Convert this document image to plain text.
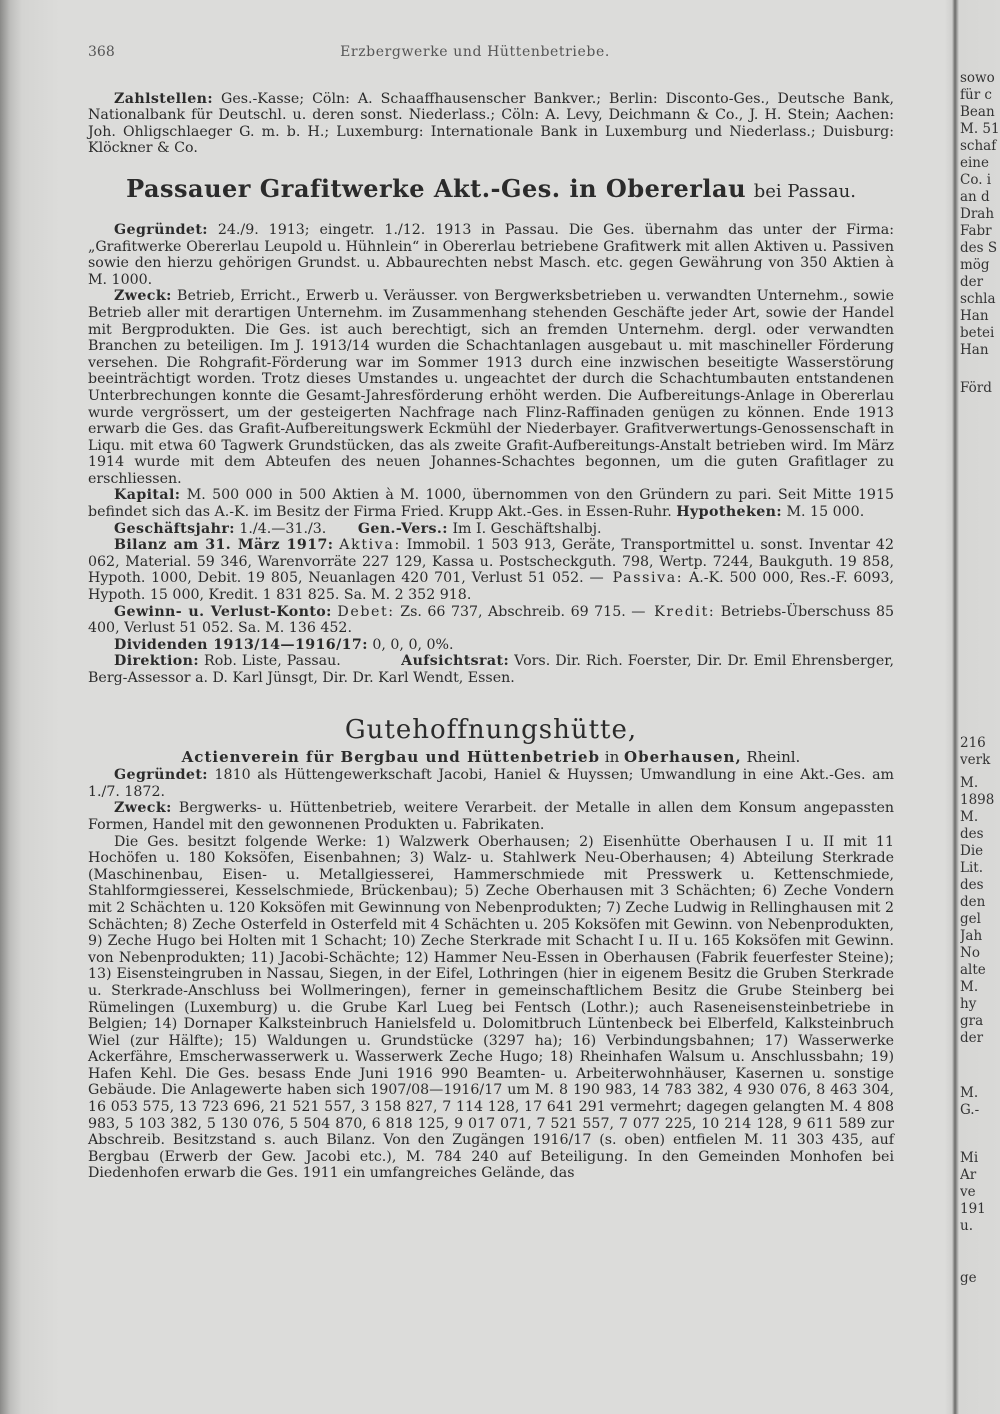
368	Erzbergwerke und Hüttenbetriebe.

Zahlstellen: Ges.-Kasse; Cöln: A. Schaaffhausenscher Bankver.; Berlin: Disconto-Ges., Deutsche Bank, Nationalbank für Deutschl. u. deren sonst. Niederlass.; Cöln: A. Levy, Deichmann & Co., J. H. Stein; Aachen: Joh. Ohligschlaeger G. m. b. H.; Luxemburg: Internationale Bank in Luxemburg und Niederlass.; Duisburg: Klöckner & Co.

Passauer Grafitwerke Akt.-Ges. in Obererlau bei Passau.

Gegründet: 24./9. 1913; eingetr. 1./12. 1913 in Passau. Die Ges. übernahm das unter der Firma: „Grafitwerke Obererlau Leupold u. Hühnlein“ in Obererlau betriebene Grafitwerk mit allen Aktiven u. Passiven sowie den hierzu gehörigen Grundst. u. Abbaurechten nebst Masch. etc. gegen Gewährung von 350 Aktien à M. 1000.

Zweck: Betrieb, Erricht., Erwerb u. Veräusser. von Bergwerksbetrieben u. verwandten Unternehm., sowie Betrieb aller mit derartigen Unternehm. im Zusammenhang stehenden Geschäfte jeder Art, sowie der Handel mit Bergprodukten. Die Ges. ist auch berechtigt, sich an fremden Unternehm. dergl. oder verwandten Branchen zu beteiligen. Im J. 1913/14 wurden die Schachtanlagen ausgebaut u. mit maschineller Förderung versehen. Die Rohgrafit-Förderung war im Sommer 1913 durch eine inzwischen beseitigte Wasserstörung beeinträchtigt worden. Trotz dieses Umstandes u. ungeachtet der durch die Schachtumbauten entstandenen Unterbrechungen konnte die Gesamt-Jahresförderung erhöht werden. Die Aufbereitungs-Anlage in Obererlau wurde vergrössert, um der gesteigerten Nachfrage nach Flinz-Raffinaden genügen zu können. Ende 1913 erwarb die Ges. das Grafit-Aufbereitungswerk Eckmühl der Niederbayer. Grafitverwertungs-Genossenschaft in Liqu. mit etwa 60 Tagwerk Grundstücken, das als zweite Grafit-Aufbereitungs-Anstalt betrieben wird. Im März 1914 wurde mit dem Abteufen des neuen Johannes-Schachtes begonnen, um die guten Grafitlager zu erschliessen.

Kapital: M. 500 000 in 500 Aktien à M. 1000, übernommen von den Gründern zu pari. Seit Mitte 1915 befindet sich das A.-K. im Besitz der Firma Fried. Krupp Akt.-Ges. in Essen-Ruhr. Hypotheken: M. 15 000.

Geschäftsjahr: 1./4.—31./3. Gen.-Vers.: Im I. Geschäftshalbj.

Bilanz am 31. März 1917: Aktiva: Immobil. 1 503 913, Geräte, Transportmittel u. sonst. Inventar 42 062, Material. 59 346, Warenvorräte 227 129, Kassa u. Postscheckguth. 798, Wertp. 7244, Baukguth. 19 858, Hypoth. 1000, Debit. 19 805, Neuanlagen 420 701, Verlust 51 052. — Passiva: A.-K. 500 000, Res.-F. 6093, Hypoth. 15 000, Kredit. 1 831 825. Sa. M. 2 352 918.

Gewinn- u. Verlust-Konto: Debet: Zs. 66 737, Abschreib. 69 715. — Kredit: Betriebs-Überschuss 85 400, Verlust 51 052. Sa. M. 136 452.

Dividenden 1913/14—1916/17: 0, 0, 0, 0%.

Direktion: Rob. Liste, Passau.	Aufsichtsrat: Vors. Dir. Rich. Foerster, Dir. Dr. Emil Ehrensberger, Berg-Assessor a. D. Karl Jünsgt, Dir. Dr. Karl Wendt, Essen.

Gutehoffnungshütte,
Actienverein für Bergbau und Hüttenbetrieb in Oberhausen, Rheinl.

Gegründet: 1810 als Hüttengewerkschaft Jacobi, Haniel & Huyssen; Umwandlung in eine Akt.-Ges. am 1./7. 1872.

Zweck: Bergwerks- u. Hüttenbetrieb, weitere Verarbeit. der Metalle in allen dem Konsum angepassten Formen, Handel mit den gewonnenen Produkten u. Fabrikaten.

Die Ges. besitzt folgende Werke: 1) Walzwerk Oberhausen; 2) Eisenhütte Oberhausen I u. II mit 11 Hochöfen u. 180 Koksöfen, Eisenbahnen; 3) Walz- u. Stahlwerk Neu-Oberhausen; 4) Abteilung Sterkrade (Maschinenbau, Eisen- u. Metallgiesserei, Hammerschmiede mit Presswerk u. Kettenschmiede, Stahlformgiesserei, Kesselschmiede, Brückenbau); 5) Zeche Oberhausen mit 3 Schächten; 6) Zeche Vondern mit 2 Schächten u. 120 Koksöfen mit Gewinnung von Nebenprodukten; 7) Zeche Ludwig in Rellinghausen mit 2 Schächten; 8) Zeche Osterfeld in Osterfeld mit 4 Schächten u. 205 Koksöfen mit Gewinn. von Nebenprodukten, 9) Zeche Hugo bei Holten mit 1 Schacht; 10) Zeche Sterkrade mit Schacht I u. II u. 165 Koksöfen mit Gewinn. von Nebenprodukten; 11) Jacobi-Schächte; 12) Hammer Neu-Essen in Oberhausen (Fabrik feuerfester Steine); 13) Eisensteingruben in Nassau, Siegen, in der Eifel, Lothringen (hier in eigenem Besitz die Gruben Sterkrade u. Sterkrade-Anschluss bei Wollmeringen), ferner in gemeinschaftlichem Besitz die Grube Steinberg bei Rümelingen (Luxemburg) u. die Grube Karl Lueg bei Fentsch (Lothr.); auch Raseneisensteinbetriebe in Belgien; 14) Dornaper Kalksteinbruch Hanielsfeld u. Dolomitbruch Lüntenbeck bei Elberfeld, Kalksteinbruch Wiel (zur Hälfte); 15) Waldungen u. Grundstücke (3297 ha); 16) Verbindungsbahnen; 17) Wasserwerke Ackerfähre, Emscherwasserwerk u. Wasserwerk Zeche Hugo; 18) Rheinhafen Walsum u. Anschlussbahn; 19) Hafen Kehl. Die Ges. besass Ende Juni 1916 990 Beamten- u. Arbeiterwohnhäuser, Kasernen u. sonstige Gebäude. Die Anlagewerte haben sich 1907/08—1916/17 um M. 8 190 983, 14 783 382, 4 930 076, 8 463 304, 16 053 575, 13 723 696, 21 521 557, 3 158 827, 7 114 128, 17 641 291 vermehrt; dagegen gelangten M. 4 808 983, 5 103 382, 5 130 076, 5 504 870, 6 818 125, 9 017 071, 7 521 557, 7 077 225, 10 214 128, 9 611 589 zur Abschreib. Besitzstand s. auch Bilanz. Von den Zugängen 1916/17 (s. oben) entfielen M. 11 303 435, auf Bergbau (Erwerb der Gew. Jacobi etc.), M. 784 240 auf Beteiligung. In den Gemeinden Monhofen bei Diedenhofen erwarb die Ges. 1911 ein umfangreiches Gelände, das

sowo
für c
Bean
M. 51
schaf
eine
Co. i
an d
Drah
Fabr
des S
mög
der
schla
Han
betei
Han
Förd
216
verk
M.
1898
M.
des
Die
Lit.
des
den
gel
Jah
No
alte
M.
hy
gra
der
M.
G.-
Mi
Ar
ve
191
u.
ge
